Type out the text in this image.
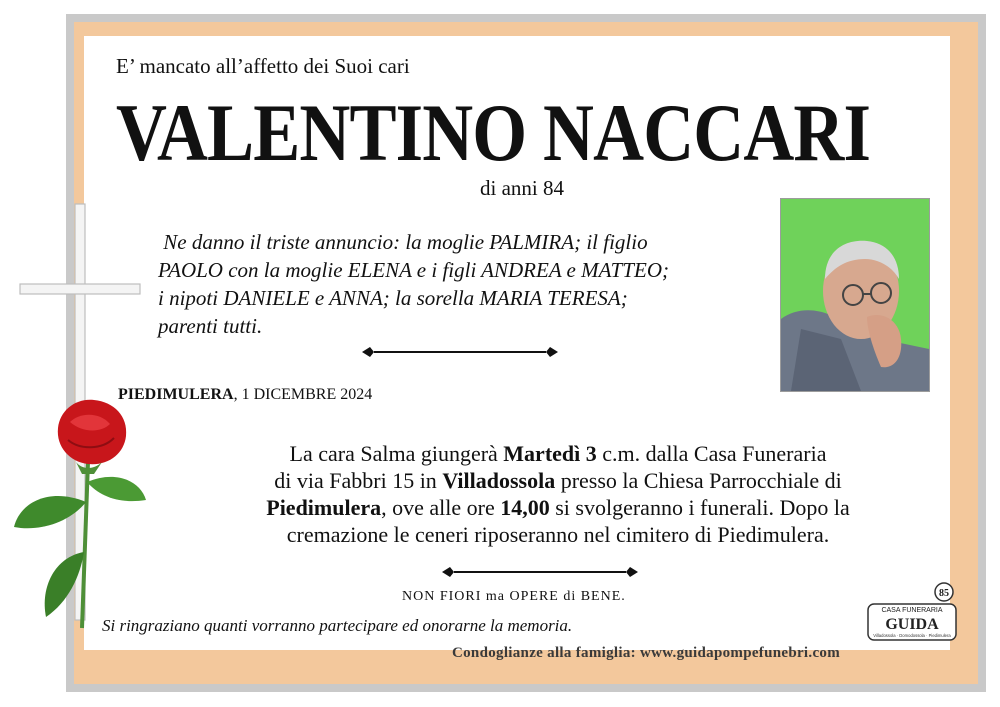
E’ mancato all’affetto dei Suoi cari
VALENTINO NACCARI
di anni 84
Ne danno il triste annuncio: la moglie PALMIRA; il figlio
PAOLO con la moglie ELENA e i figli ANDREA e MATTEO;
i nipoti DANIELE e ANNA; la sorella MARIA TERESA;
parenti tutti.
PIEDIMULERA, 1 DICEMBRE 2024
La cara Salma giungerà Martedì 3 c.m. dalla Casa Funeraria
di via Fabbri 15 in Villadossola presso la Chiesa Parrocchiale di
Piedimulera, ove alle ore 14,00 si svolgeranno i funerali. Dopo la
cremazione le ceneri riposeranno nel cimitero di Piedimulera.
NON FIORI ma OPERE di BENE.
Si ringraziano quanti vorranno partecipare ed onorarne la memoria.
Condoglianze alla famiglia: www.guidapompefunebri.com
85
CASA FUNERARIA
GUIDA
Villadossola · Domodossola · Piedimulera
